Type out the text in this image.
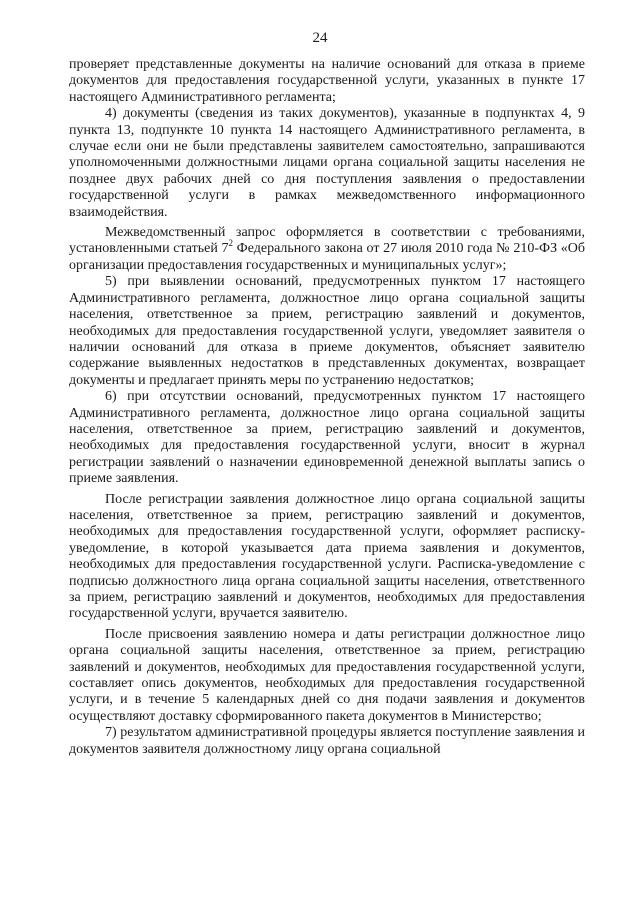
24

проверяет представленные документы на наличие оснований для отказа в приеме документов для предоставления государственной услуги, указанных в пункте 17 настоящего Административного регламента;

4) документы (сведения из таких документов), указанные в подпунктах 4, 9 пункта 13, подпункте 10 пункта 14 настоящего Административного регламента, в случае если они не были представлены заявителем самостоятельно, запрашиваются уполномоченными должностными лицами органа социальной защиты населения не позднее двух рабочих дней со дня поступления заявления о предоставлении государственной услуги в рамках межведомственного информационного взаимодействия.

Межведомственный запрос оформляется в соответствии с требованиями, установленными статьей $7^2$ Федерального закона от 27 июля 2010 года № 210-ФЗ «Об организации предоставления государственных и муниципальных услуг»;

5) при выявлении оснований, предусмотренных пунктом 17 настоящего Административного регламента, должностное лицо органа социальной защиты населения, ответственное за прием, регистрацию заявлений и документов, необходимых для предоставления государственной услуги, уведомляет заявителя о наличии оснований для отказа в приеме документов, объясняет заявителю содержание выявленных недостатков в представленных документах, возвращает документы и предлагает принять меры по устранению недостатков;

6) при отсутствии оснований, предусмотренных пунктом 17 настоящего Административного регламента, должностное лицо органа социальной защиты населения, ответственное за прием, регистрацию заявлений и документов, необходимых для предоставления государственной услуги, вносит в журнал регистрации заявлений о назначении единовременной денежной выплаты запись о приеме заявления.

После регистрации заявления должностное лицо органа социальной защиты населения, ответственное за прием, регистрацию заявлений и документов, необходимых для предоставления государственной услуги, оформляет расписку-уведомление, в которой указывается дата приема заявления и документов, необходимых для предоставления государственной услуги. Расписка-уведомление с подписью должностного лица органа социальной защиты населения, ответственного за прием, регистрацию заявлений и документов, необходимых для предоставления государственной услуги, вручается заявителю.

После присвоения заявлению номера и даты регистрации должностное лицо органа социальной защиты населения, ответственное за прием, регистрацию заявлений и документов, необходимых для предоставления государственной услуги, составляет опись документов, необходимых для предоставления государственной услуги, и в течение 5 календарных дней со дня подачи заявления и документов осуществляют доставку сформированного пакета документов в Министерство;

7) результатом административной процедуры является поступление заявления и документов заявителя должностному лицу органа социальной
